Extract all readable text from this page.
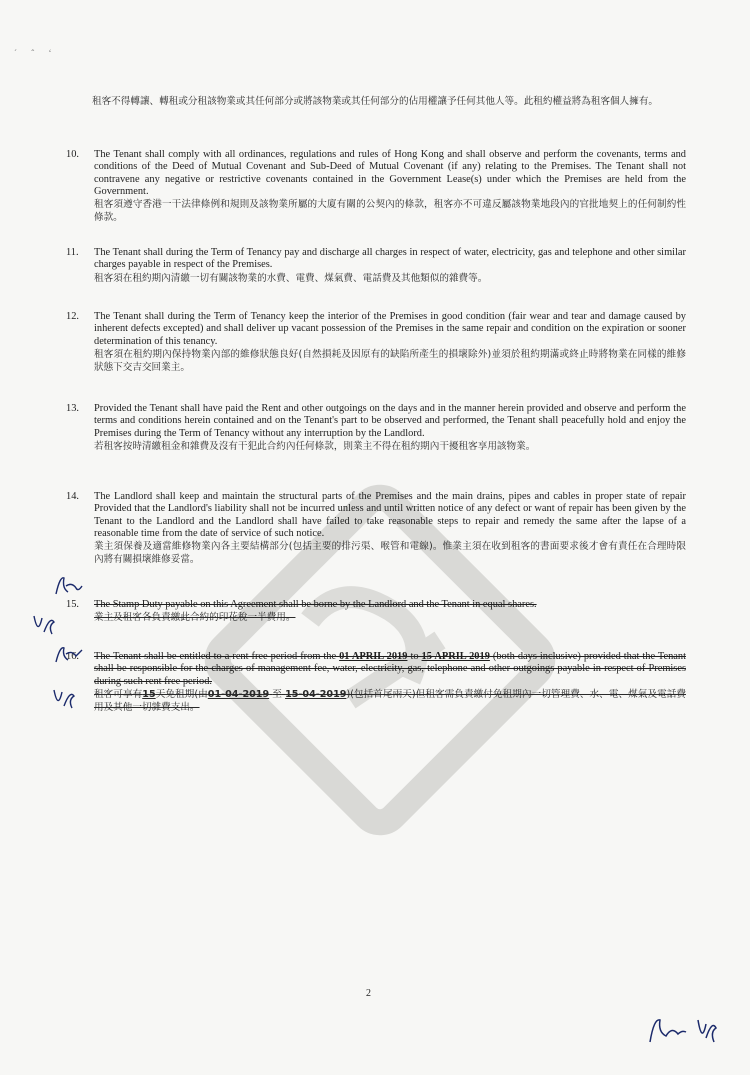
´ ˆ ʻ
租客不得轉讓、轉租或分租該物業或其任何部分或將該物業或其任何部分的佔用權讓予任何其他人等。此租約權益將為租客個人擁有。
10.	The Tenant shall comply with all ordinances, regulations and rules of Hong Kong and shall observe and perform the covenants, terms and conditions of the Deed of Mutual Covenant and Sub-Deed of Mutual Covenant (if any) relating to the Premises. The Tenant shall not contravene any negative or restrictive covenants contained in the Government Lease(s) under which the Premises are held from the Government.
租客須遵守香港一干法律條例和規則及該物業所屬的大廈有關的公契內的條款，租客亦不可違反屬該物業地段內的官批地契上的任何制約性條款。
11.	The Tenant shall during the Term of Tenancy pay and discharge all charges in respect of water, electricity, gas and telephone and other similar charges payable in respect of the Premises.
租客須在租約期內清繳一切有關該物業的水費、電費、煤氣費、電話費及其他類似的雜費等。
12.	The Tenant shall during the Term of Tenancy keep the interior of the Premises in good condition (fair wear and tear and damage caused by inherent defects excepted) and shall deliver up vacant possession of the Premises in the same repair and condition on the expiration or sooner determination of this tenancy.
租客須在租約期內保持物業內部的維修狀態良好(自然損耗及因原有的缺陷所產生的損壞除外)並須於租約期滿或終止時將物業在同樣的維修狀態下交吉交回業主。
13.	Provided the Tenant shall have paid the Rent and other outgoings on the days and in the manner herein provided and observe and perform the terms and conditions herein contained and on the Tenant's part to be observed and performed, the Tenant shall peacefully hold and enjoy the Premises during the Term of Tenancy without any interruption by the Landlord.
若租客按時清繳租金和雜費及沒有干犯此合約內任何條款，則業主不得在租約期內干擾租客享用該物業。
14.	The Landlord shall keep and maintain the structural parts of the Premises and the main drains, pipes and cables in proper state of repair Provided that the Landlord's liability shall not be incurred unless and until written notice of any defect or want of repair has been given by the Tenant to the Landlord and the Landlord shall have failed to take reasonable steps to repair and remedy the same after the lapse of a reasonable time from the date of service of such notice.
業主須保養及適當維修物業內各主要結構部分(包括主要的排污渠、喉管和電線)。惟業主須在收到租客的書面要求後才會有責任在合理時限內將有關損壞維修妥當。
15.	The Stamp Duty payable on this Agreement shall be borne by the Landlord and the Tenant in equal shares.
業主及租客各負責繳此合約的印花稅一半費用。
16.	The Tenant shall be entitled to a rent free period from the 01 APRIL 2019 to 15 APRIL 2019 (both days inclusive) provided that the Tenant shall be responsible for the charges of management fee, water, electricity, gas, telephone and other outgoings payable in respect of Premises during such rent free period.
租客可享有15天免租期(由01-04-2019 至 15-04-2019)(包括首尾兩天)但租客需負責繳付免租期內一切管理費、水、電、煤氣及電話費用及其他一切雜費支出。
2
